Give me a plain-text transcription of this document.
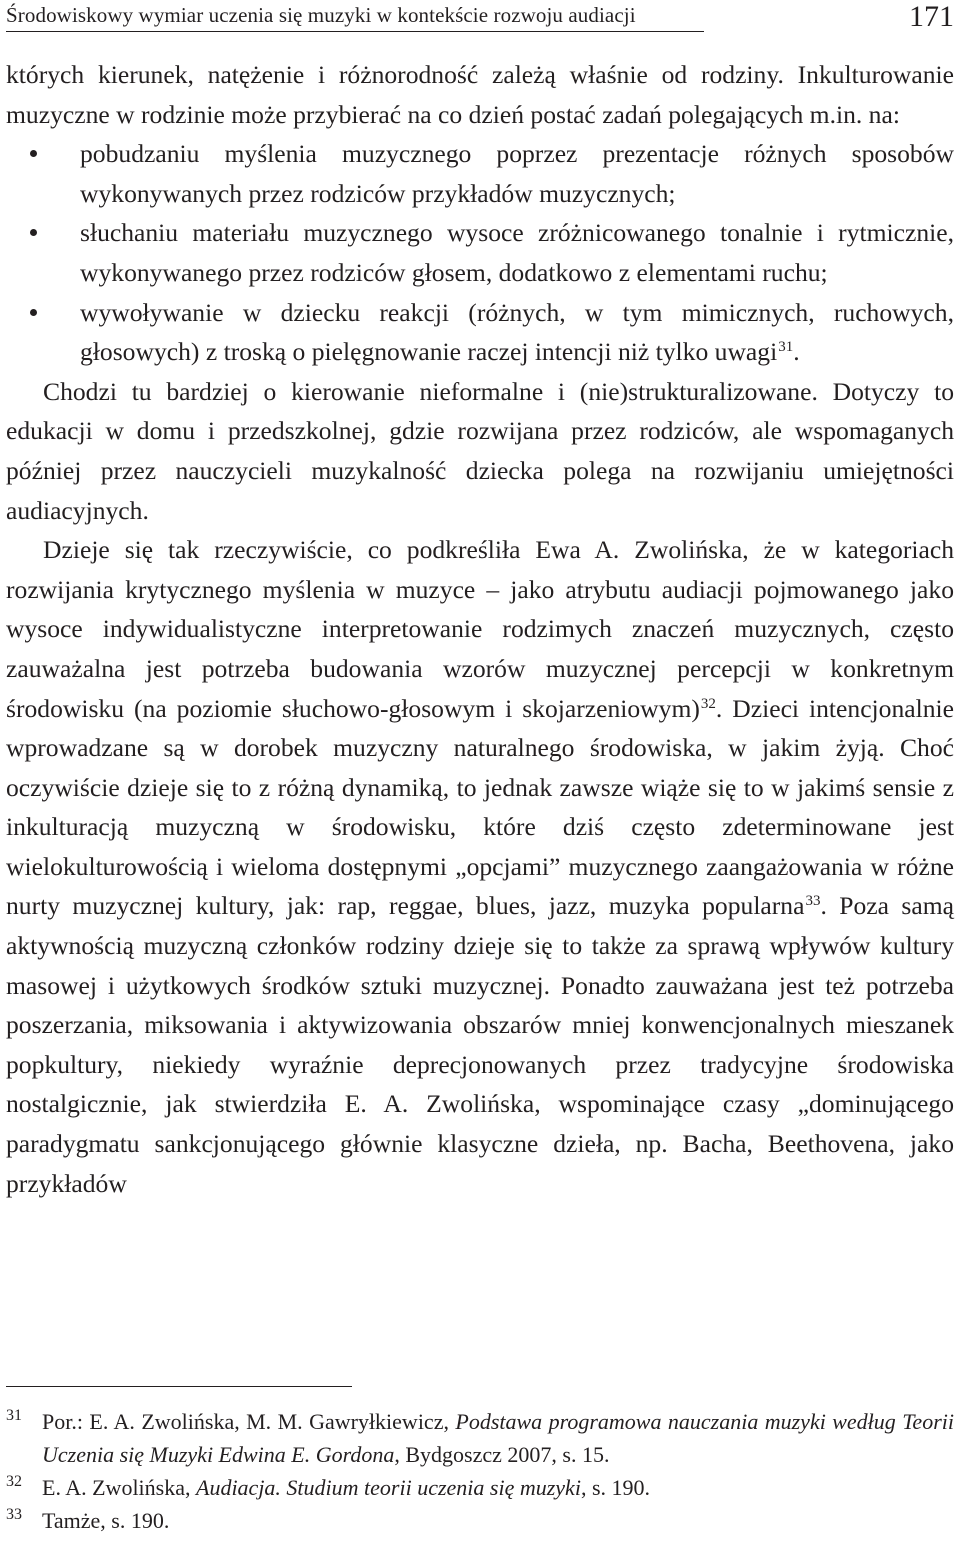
Środowiskowy wymiar uczenia się muzyki w kontekście rozwoju audiacji	171

których kierunek, natężenie i różnorodność zależą właśnie od rodziny. Inkulturowanie muzyczne w rodzinie może przybierać na co dzień postać zadań polegających m.in. na:

pobudzaniu myślenia muzycznego poprzez prezentacje różnych sposobów wykonywanych przez rodziców przykładów muzycznych;
słuchaniu materiału muzycznego wysoce zróżnicowanego tonalnie i rytmicznie, wykonywanego przez rodziców głosem, dodatkowo z elementami ruchu;
wywoływanie w dziecku reakcji (różnych, w tym mimicznych, ruchowych, głosowych) z troską o pielęgnowanie raczej intencji niż tylko uwagi$^{31}$.

Chodzi tu bardziej o kierowanie nieformalne i (nie)strukturalizowane. Dotyczy to edukacji w domu i przedszkolnej, gdzie rozwijana przez rodziców, ale wspomaganych później przez nauczycieli muzykalność dziecka polega na rozwijaniu umiejętności audiacyjnych.

Dzieje się tak rzeczywiście, co podkreśliła Ewa A. Zwolińska, że w kategoriach rozwijania krytycznego myślenia w muzyce – jako atrybutu audiacji pojmowanego jako wysoce indywidualistyczne interpretowanie rodzimych znaczeń muzycznych, często zauważalna jest potrzeba budowania wzorów muzycznej percepcji w konkretnym środowisku (na poziomie słuchowo-głosowym i skojarzeniowym)$^{32}$. Dzieci intencjonalnie wprowadzane są w dorobek muzyczny naturalnego środowiska, w jakim żyją. Choć oczywiście dzieje się to z różną dynamiką, to jednak zawsze wiąże się to w jakimś sensie z inkulturacją muzyczną w środowisku, które dziś często zdeterminowane jest wielokulturowością i wieloma dostępnymi „opcjami” muzycznego zaangażowania w różne nurty muzycznej kultury, jak: rap, reggae, blues, jazz, muzyka popularna$^{33}$. Poza samą aktywnością muzyczną członków rodziny dzieje się to także za sprawą wpływów kultury masowej i użytkowych środków sztuki muzycznej. Ponadto zauważana jest też potrzeba poszerzania, miksowania i aktywizowania obszarów mniej konwencjonalnych mieszanek popkultury, niekiedy wyraźnie deprecjonowanych przez tradycyjne środowiska nostalgicznie, jak stwierdziła E. A. Zwolińska, wspominające czasy „dominującego paradygmatu sankcjonującego głównie klasyczne dzieła, np. Bacha, Beethovena, jako przykładów

31 Por.: E. A. Zwolińska, M. M. Gawryłkiewicz, Podstawa programowa nauczania muzyki według Teorii Uczenia się Muzyki Edwina E. Gordona, Bydgoszcz 2007, s. 15.
32 E. A. Zwolińska, Audiacja. Studium teorii uczenia się muzyki, s. 190.
33 Tamże, s. 190.
